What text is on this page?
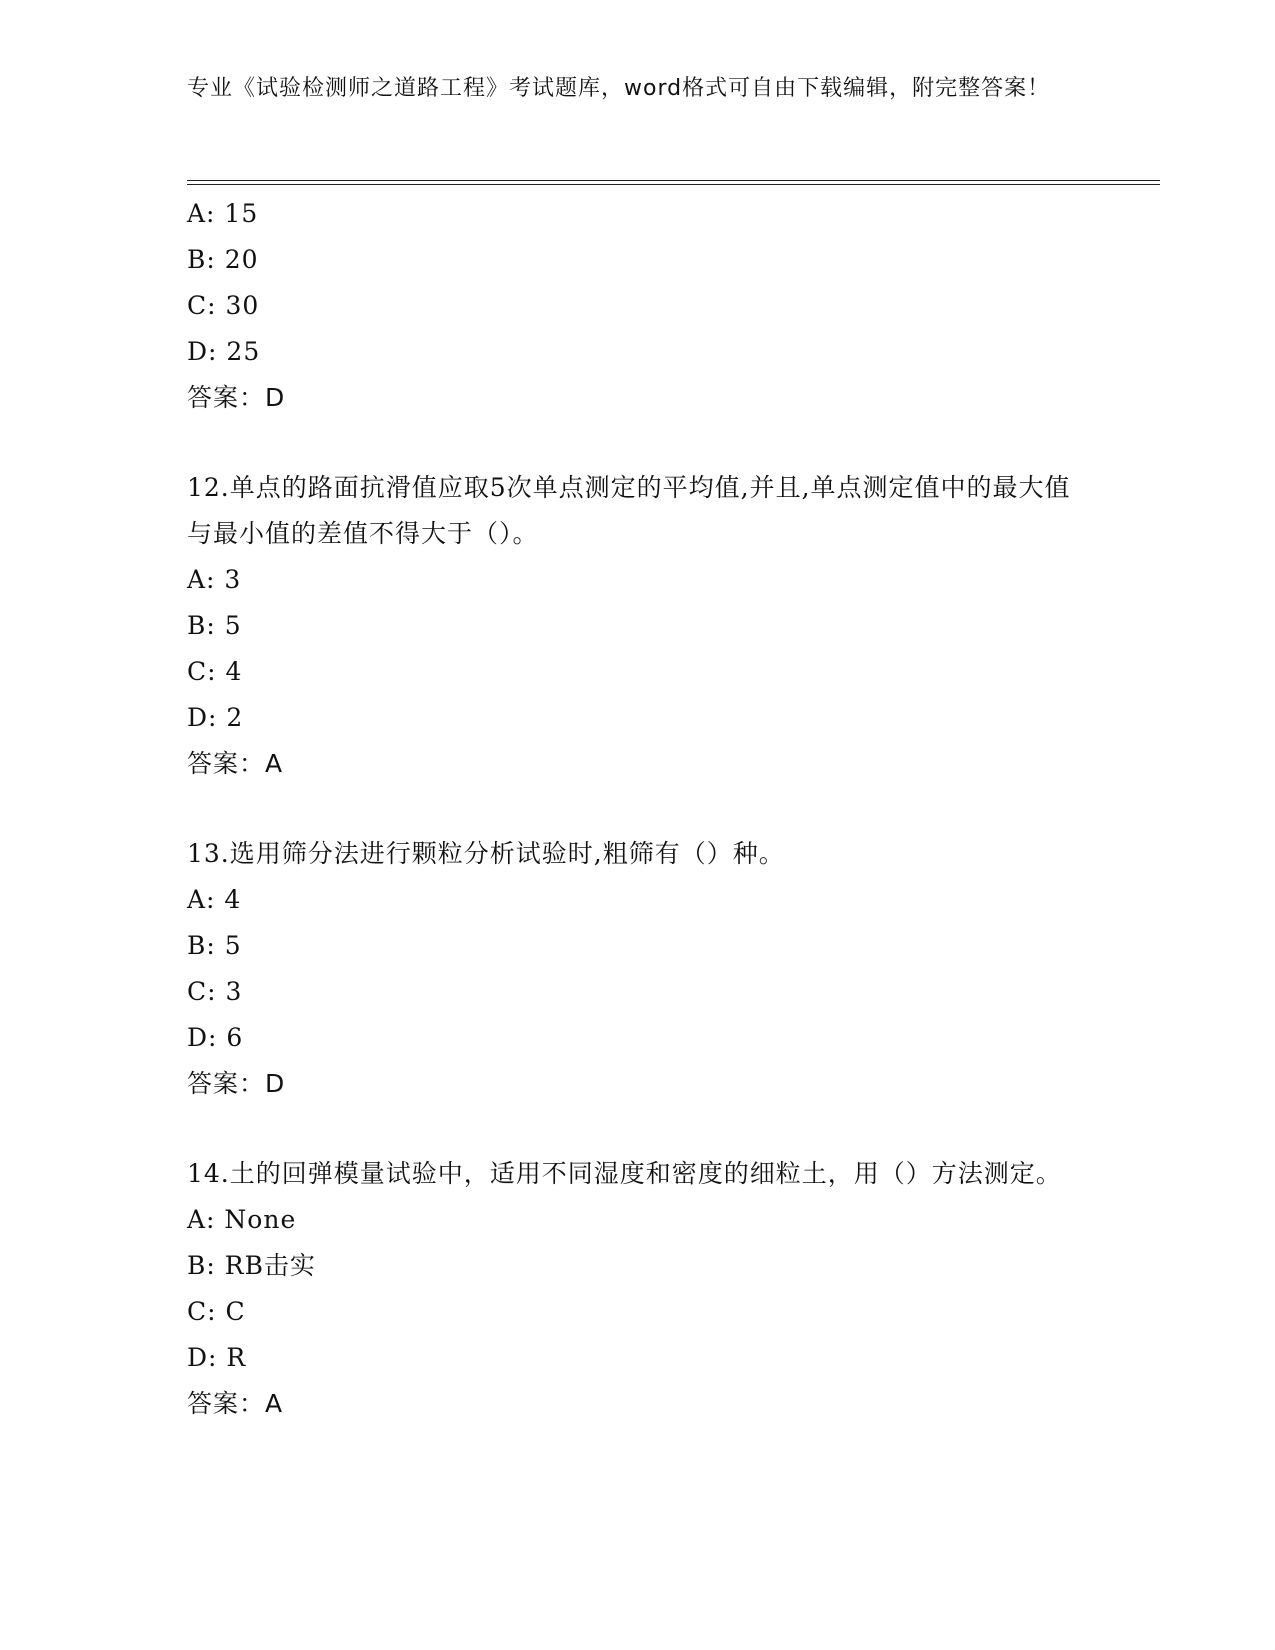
专业《试验检测师之道路工程》考试题库，word格式可自由下载编辑，附完整答案！
A: 15
B: 20
C: 30
D: 25
答案：D
12.单点的路面抗滑值应取5次单点测定的平均值,并且,单点测定值中的最大值与最小值的差值不得大于（）。
A: 3
B: 5
C: 4
D: 2
答案：A
13.选用筛分法进行颗粒分析试验时,粗筛有（）种。
A: 4
B: 5
C: 3
D: 6
答案：D
14.土的回弹模量试验中，适用不同湿度和密度的细粒土，用（）方法测定。
A: None
B: RB击实
C: C
D: R
答案：A
